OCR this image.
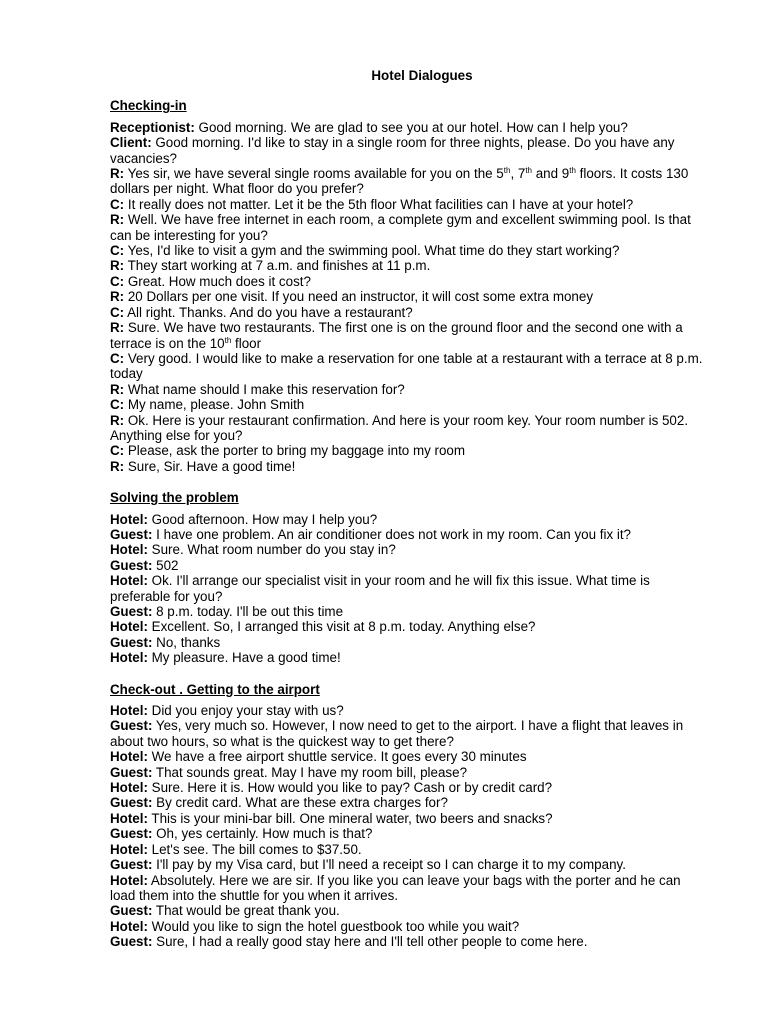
Hotel Dialogues
Checking-in
Receptionist: Good morning. We are glad to see you at our hotel. How can I help you?
Client: Good morning. I'd like to stay in a single room for three nights, please. Do you have any vacancies?
R: Yes sir, we have several single rooms available for you on the 5th, 7th and 9th floors. It costs 130 dollars per night. What floor do you prefer?
C: It really does not matter. Let it be the 5th floor What facilities can I have at your hotel?
R: Well. We have free internet in each room, a complete gym and excellent swimming pool. Is that can be interesting for you?
C: Yes, I'd like to visit a gym and the swimming pool. What time do they start working?
R: They start working at 7 a.m. and finishes at 11 p.m.
C: Great. How much does it cost?
R: 20 Dollars per one visit. If you need an instructor, it will cost some extra money
C: All right. Thanks. And do you have a restaurant?
R: Sure. We have two restaurants. The first one is on the ground floor and the second one with a terrace is on the 10th floor
C: Very good. I would like to make a reservation for one table at a restaurant with a terrace at 8 p.m. today
R: What name should I make this reservation for?
C: My name, please. John Smith
R: Ok. Here is your restaurant confirmation. And here is your room key. Your room number is 502. Anything else for you?
C: Please, ask the porter to bring my baggage into my room
R: Sure, Sir. Have a good time!
Solving the problem
Hotel: Good afternoon. How may I help you?
Guest: I have one problem. An air conditioner does not work in my room. Can you fix it?
Hotel: Sure. What room number do you stay in?
Guest: 502
Hotel: Ok. I'll arrange our specialist visit in your room and he will fix this issue. What time is preferable for you?
Guest: 8 p.m. today. I'll be out this time
Hotel: Excellent. So, I arranged this visit at 8 p.m. today. Anything else?
Guest: No, thanks
Hotel: My pleasure. Have a good time!
Check-out . Getting to the airport
Hotel: Did you enjoy your stay with us?
Guest: Yes, very much so. However, I now need to get to the airport. I have a flight that leaves in about two hours, so what is the quickest way to get there?
Hotel: We have a free airport shuttle service. It goes every 30 minutes
Guest: That sounds great. May I have my room bill, please?
Hotel: Sure. Here it is. How would you like to pay? Cash or by credit card?
Guest: By credit card. What are these extra charges for?
Hotel: This is your mini-bar bill. One mineral water, two beers and snacks?
Guest: Oh, yes certainly. How much is that?
Hotel: Let's see. The bill comes to $37.50.
Guest: I'll pay by my Visa card, but I'll need a receipt so I can charge it to my company.
Hotel: Absolutely. Here we are sir. If you like you can leave your bags with the porter and he can load them into the shuttle for you when it arrives.
Guest: That would be great thank you.
Hotel: Would you like to sign the hotel guestbook too while you wait?
Guest: Sure, I had a really good stay here and I'll tell other people to come here.
